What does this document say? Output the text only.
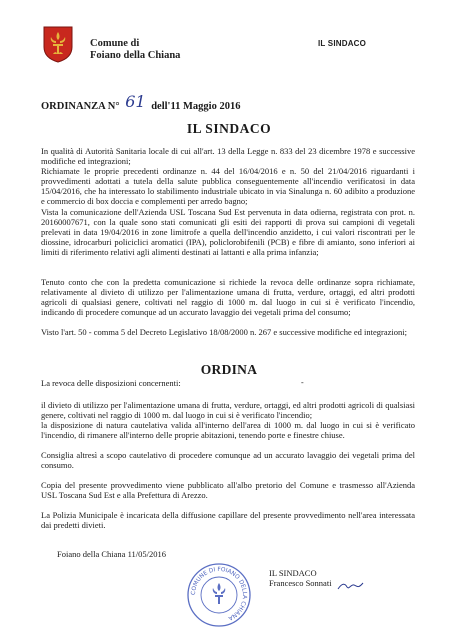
Comune di
Foiano della Chiana
IL SINDACO
ORDINANZA N° 61 dell'11 Maggio 2016
IL SINDACO
In qualità di Autorità Sanitaria locale di cui all'art. 13 della Legge n. 833 del 23 dicembre 1978 e successive modifiche ed integrazioni;
Richiamate le proprie precedenti ordinanze n. 44 del 16/04/2016 e n. 50 del 21/04/2016 riguardanti i provvedimenti adottati a tutela della salute pubblica conseguentemente all'incendio verificatosi in data 15/04/2016, che ha interessato lo stabilimento industriale ubicato in via Sinalunga n. 60 adibito a produzione e commercio di box doccia e complementi per arredo bagno;
Vista la comunicazione dell'Azienda USL Toscana Sud Est pervenuta in data odierna, registrata con prot. n. 20160007671, con la quale sono stati comunicati gli esiti dei rapporti di prova sui campioni di vegetali prelevati in data 19/04/2016 in zone limitrofe a quella dell'incendio anzidetto, i cui valori riscontrati per le diossine, idrocarburi policiclici aromatici (IPA), policlorobifenili (PCB) e fibre di amianto, sono inferiori ai limiti di riferimento relativi agli alimenti destinati ai lattanti e alla prima infanzia;
Tenuto conto che con la predetta comunicazione si richiede la revoca delle ordinanze sopra richiamate, relativamente al divieto di utilizzo per l'alimentazione umana di frutta, verdure, ortaggi, ed altri prodotti agricoli di qualsiasi genere, coltivati nel raggio di 1000 m. dal luogo in cui si è verificato l'incendio, indicando di procedere comunque ad un accurato lavaggio dei vegetali prima del consumo;
Visto l'art. 50 - comma 5 del Decreto Legislativo 18/08/2000 n. 267 e successive modifiche ed integrazioni;
ORDINA
La revoca delle disposizioni concernenti:	-
il divieto di utilizzo per l'alimentazione umana di frutta, verdure, ortaggi, ed altri prodotti agricoli di qualsiasi genere, coltivati nel raggio di 1000 m. dal luogo in cui si è verificato l'incendio;
la disposizione di natura cautelativa valida all'interno dell'area di 1000 m. dal luogo in cui si è verificato l'incendio, di rimanere all'interno delle proprie abitazioni, tenendo porte e finestre chiuse.
Consiglia altresì a scopo cautelativo di procedere comunque ad un accurato lavaggio dei vegetali prima del consumo.
Copia del presente provvedimento viene pubblicato all'albo pretorio del Comune e trasmesso all'Azienda USL Toscana Sud Est e alla Prefettura di Arezzo.
La Polizia Municipale è incaricata della diffusione capillare del presente provvedimento nell'area interessata dai predetti divieti.
Foiano della Chiana 11/05/2016
COMUNE DI FOIANO DELLA CHIANA
IL SINDACO
Francesco Sonnati
